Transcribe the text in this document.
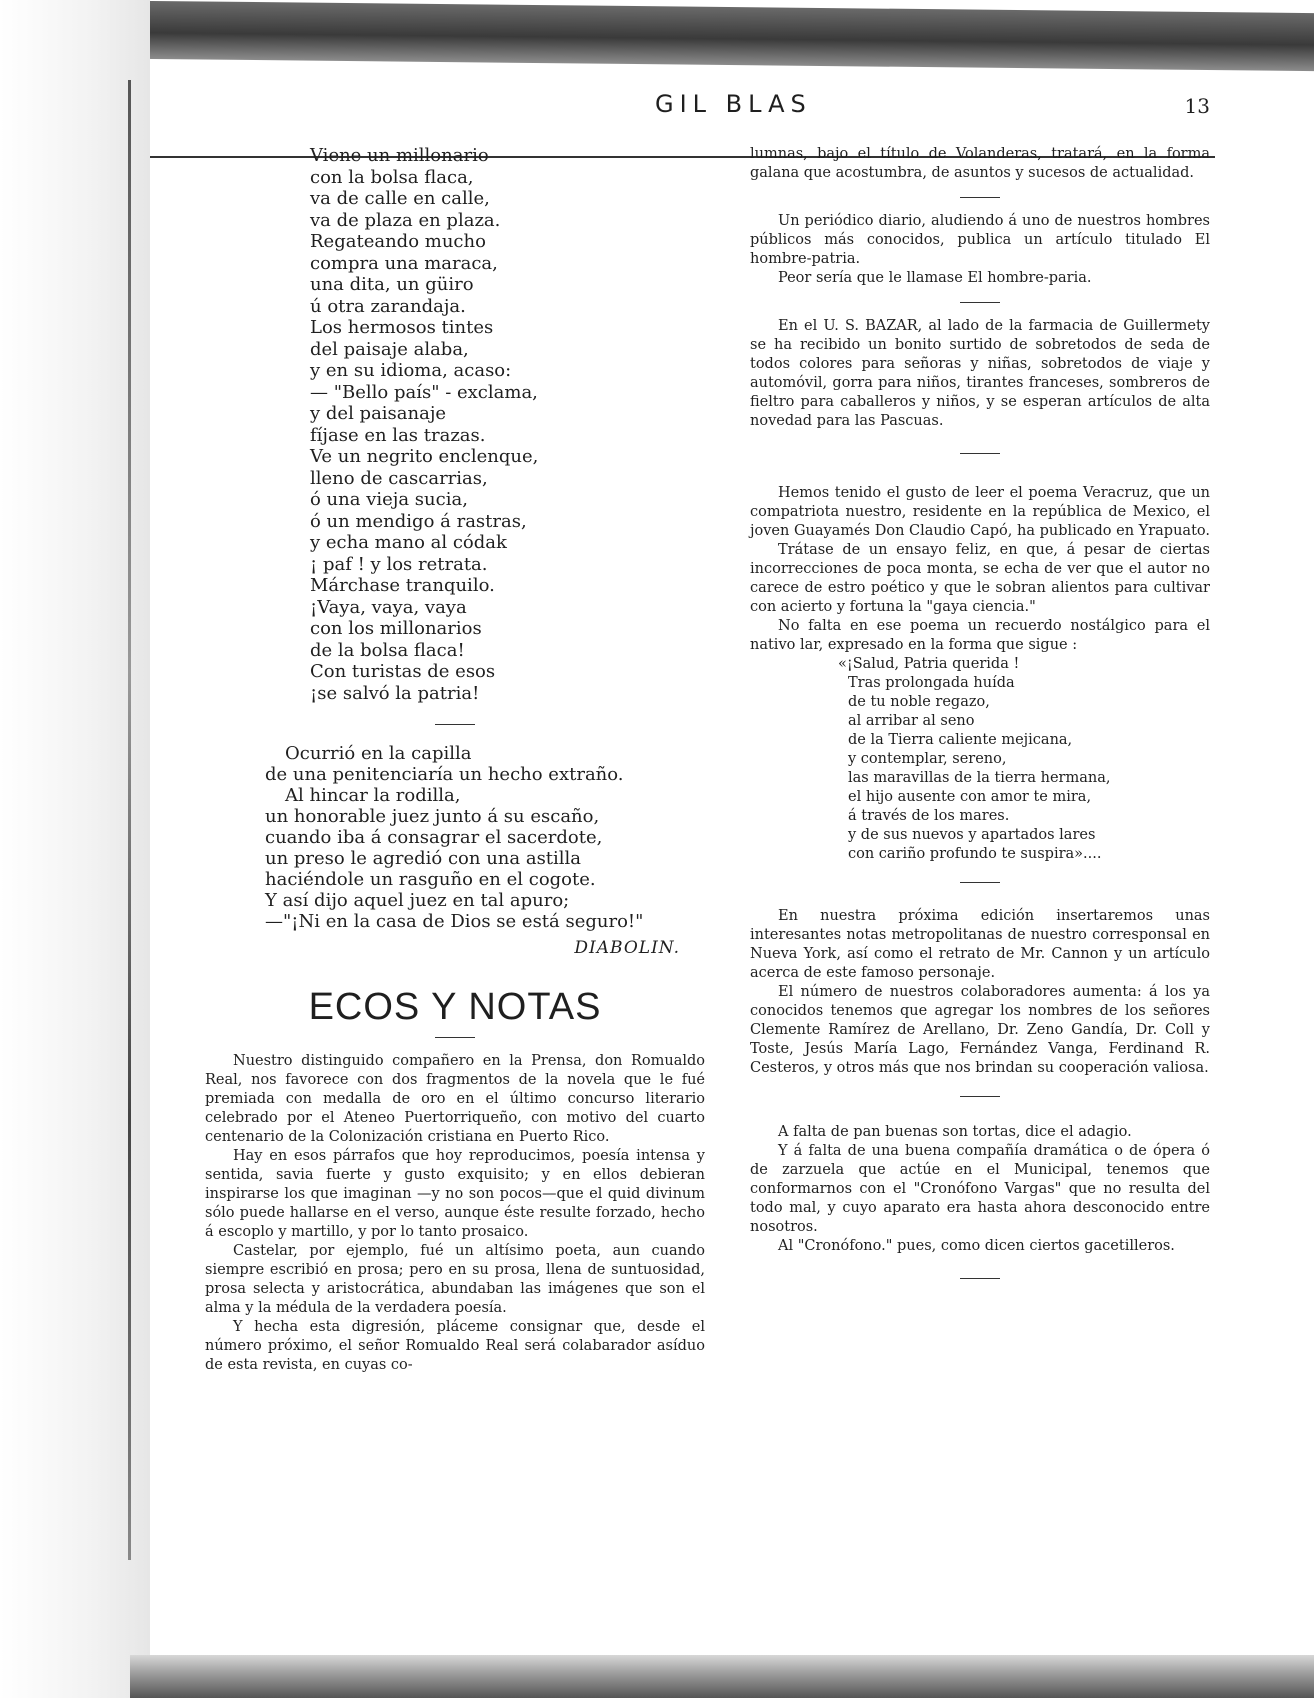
GIL BLAS	13

Viene un millonario

con la bolsa flaca,

va de calle en calle,

va de plaza en plaza.

Regateando mucho

compra una maraca,

una dita, un güiro

ú otra zarandaja.

Los hermosos tintes

del paisaje alaba,

y en su idioma, acaso:

— "Bello país" - exclama,

y del paisanaje

fíjase en las trazas.

Ve un negrito enclenque,

lleno de cascarrias,

ó una vieja sucia,

ó un mendigo á rastras,

y echa mano al códak

¡ paf ! y los retrata.

Márchase tranquilo.

¡Vaya, vaya, vaya

con los millonarios

de la bolsa flaca!

Con turistas de esos

¡se salvó la patria!

Ocurrió en la capilla

de una penitenciaría un hecho extraño.

Al hincar la rodilla,

un honorable juez junto á su escaño,

cuando iba á consagrar el sacerdote,

un preso le agredió con una astilla

haciéndole un rasguño en el cogote.

Y así dijo aquel juez en tal apuro;

—"¡Ni en la casa de Dios se está seguro!"

DIABOLIN.
ECOS Y NOTAS

Nuestro distinguido compañero en la Prensa, don Romualdo Real, nos favorece con dos fragmentos de la novela que le fué premiada con medalla de oro en el último concurso literario celebrado por el Ateneo Puertorriqueño, con motivo del cuarto centenario de la Colonización cristiana en Puerto Rico.

Hay en esos párrafos que hoy reproducimos, poesía intensa y sentida, savia fuerte y gusto exquisito; y en ellos debieran inspirarse los que imaginan —y no son pocos—que el quid divinum sólo puede hallarse en el verso, aunque éste resulte forzado, hecho á escoplo y martillo, y por lo tanto prosaico.

Castelar, por ejemplo, fué un altísimo poeta, aun cuando siempre escribió en prosa; pero en su prosa, llena de suntuosidad, prosa selecta y aristocrática, abundaban las imágenes que son el alma y la médula de la verdadera poesía.

Y hecha esta digresión, pláceme consignar que, desde el número próximo, el señor Romualdo Real será colabarador asíduo de esta revista, en cuyas co-

lumnas, bajo el título de Volanderas, tratará, en la forma galana que acostumbra, de asuntos y sucesos de actualidad.

Un periódico diario, aludiendo á uno de nuestros hombres públicos más conocidos, publica un artículo titulado El hombre-patria.

Peor sería que le llamase El hombre-paria.

En el U. S. BAZAR, al lado de la farmacia de Guillermety se ha recibido un bonito surtido de sobretodos de seda de todos colores para señoras y niñas, sobretodos de viaje y automóvil, gorra para niños, tirantes franceses, sombreros de fieltro para caballeros y niños, y se esperan artículos de alta novedad para las Pascuas.

Hemos tenido el gusto de leer el poema Veracruz, que un compatriota nuestro, residente en la república de Mexico, el joven Guayamés Don Claudio Capó, ha publicado en Yrapuato.

Trátase de un ensayo feliz, en que, á pesar de ciertas incorrecciones de poca monta, se echa de ver que el autor no carece de estro poético y que le sobran alientos para cultivar con acierto y fortuna la "gaya ciencia."

No falta en ese poema un recuerdo nostálgico para el nativo lar, expresado en la forma que sigue :

«¡Salud, Patria querida !

Tras prolongada huída

de tu noble regazo,

al arribar al seno

de la Tierra caliente mejicana,

y contemplar, sereno,

las maravillas de la tierra hermana,

el hijo ausente con amor te mira,

á través de los mares.

y de sus nuevos y apartados lares

con cariño profundo te suspira»....

En nuestra próxima edición insertaremos unas interesantes notas metropolitanas de nuestro corresponsal en Nueva York, así como el retrato de Mr. Cannon y un artículo acerca de este famoso personaje.

El número de nuestros colaboradores aumenta: á los ya conocidos tenemos que agregar los nombres de los señores Clemente Ramírez de Arellano, Dr. Zeno Gandía, Dr. Coll y Toste, Jesús María Lago, Fernández Vanga, Ferdinand R. Cesteros, y otros más que nos brindan su cooperación valiosa.

A falta de pan buenas son tortas, dice el adagio.

Y á falta de una buena compañía dramática o de ópera ó de zarzuela que actúe en el Municipal, tenemos que conformarnos con el "Cronófono Vargas" que no resulta del todo mal, y cuyo aparato era hasta ahora desconocido entre nosotros.

Al "Cronófono." pues, como dicen ciertos gacetilleros.
